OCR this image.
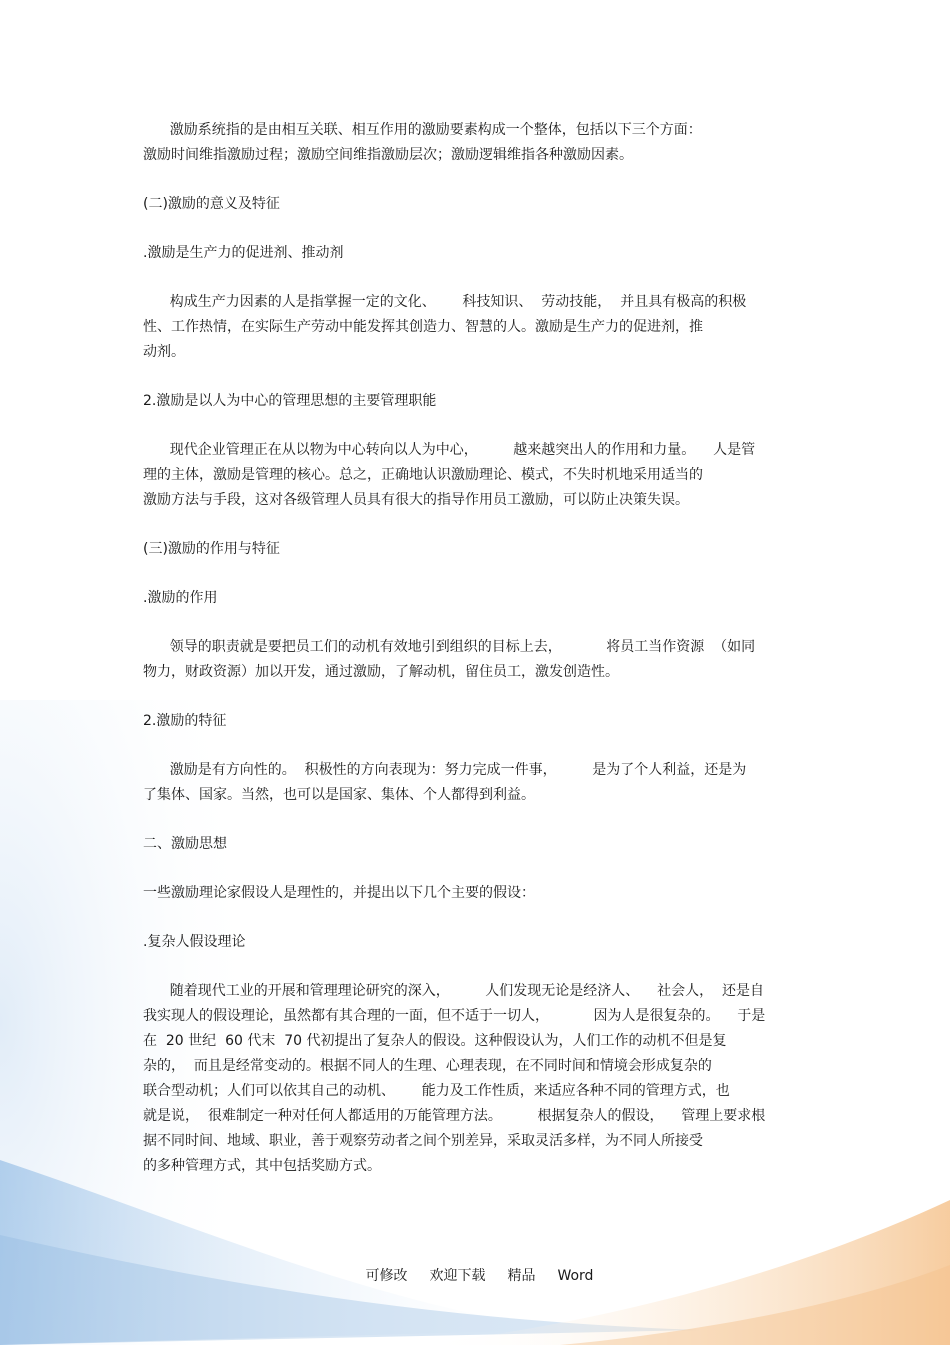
激励系统指的是由相互关联、相互作用的激励要素构成一个整体，包括以下三个方面：
激励时间维指激励过程；激励空间维指激励层次；激励逻辑维指各种激励因素。
(二)激励的意义及特征
.激励是生产力的促进剂、推动剂
构成生产力因素的人是指掌握一定的文化、      科技知识、  劳动技能，  并且具有极高的积极
性、工作热情，在实际生产劳动中能发挥其创造力、智慧的人。激励是生产力的促进剂，推
动剂。
2.激励是以人为中心的管理思想的主要管理职能
现代企业管理正在从以物为中心转向以人为中心，        越来越突出人的作用和力量。    人是管
理的主体，激励是管理的核心。总之，正确地认识激励理论、模式，不失时机地采用适当的
激励方法与手段，这对各级管理人员具有很大的指导作用员工激励，可以防止决策失误。
(三)激励的作用与特征
.激励的作用
领导的职责就是要把员工们的动机有效地引到组织的目标上去，          将员工当作资源  （如同
物力，财政资源）加以开发，通过激励，了解动机，留住员工，激发创造性。
2.激励的特征
激励是有方向性的。  积极性的方向表现为：努力完成一件事，        是为了个人利益，还是为
了集体、国家。当然，也可以是国家、集体、个人都得到利益。
二、激励思想
一些激励理论家假设人是理性的，并提出以下几个主要的假设：
.复杂人假设理论
随着现代工业的开展和管理理论研究的深入，        人们发现无论是经济人、    社会人，  还是自
我实现人的假设理论，虽然都有其合理的一面，但不适于一切人，          因为人是很复杂的。    于是
在  20 世纪  60 代末  70 代初提出了复杂人的假设。这种假设认为，人们工作的动机不但是复
杂的，  而且是经常变动的。根据不同人的生理、心理表现，在不同时间和情境会形成复杂的
联合型动机；人们可以依其自己的动机、      能力及工作性质，来适应各种不同的管理方式，也
就是说，  很难制定一种对任何人都适用的万能管理方法。        根据复杂人的假设，    管理上要求根
据不同时间、地域、职业，善于观察劳动者之间个别差异，采取灵活多样，为不同人所接受
的多种管理方式，其中包括奖励方式。

可修改 欢迎下载 精品 Word
